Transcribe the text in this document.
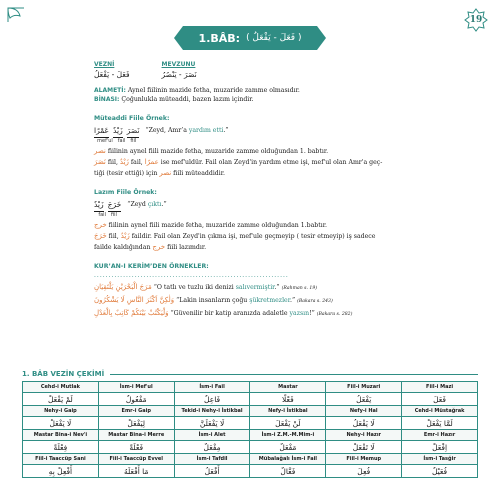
19
1.BÂB: ( فَعَلَ - يَفْعَلُ )
VEZNİ
فَعَلَ - يَفْعَلُ
MEVZUNU
نَصَرَ - يَنْصُرُ
ALAMETİ: Aynel fiilinin mazide fetha, muzaride zamme olmasıdır.
BİNASI: Çoğunlukla müteaddi, bazen lazım içindir.
Müteaddi Fiile Örnek:
نَصَرَ
زَيْدٌ
عَمْرًا
mef'ul fail fiil
“Zeyd, Amr’a yardım etti.”
نصر fiilinin aynel fiili mazide fetha, muzaride zamme olduğundan 1. babtır.
نَصَرَ fiil, زَيْدٌ fail, عمرًا ise mef'uldür. Fail olan Zeyd'in yardım etme işi, mef'ul olan Amr'a geç-
tiği (tesir ettiği) için نصر fiili müteaddidir.
Lazım Fiile Örnek:
خَرَجَ
زَيْدٌ
fail fiil
“Zeyd çıktı.”
خرج fiilinin aynel fiili mazide fetha, muzaride zamme olduğundan 1.babtır.
خَرَجَ fiil, زَيْدٌ faildir. Fail olan Zeyd'in çıkma işi, mef'ule geçmeyip ( tesir etmeyip) iş sadece
failde kaldığından خرج fiili lazımdır.
KUR’AN-I KERİM’DEN ÖRNEKLER:
...................................................................
مَرَجَ الْبَحْرَيْنِ يَلْتَقِيَانِ “O tatlı ve tuzlu iki denizi salıvermiştir.” (Rahman s. 19)
وَلٰكِنَّ اَكْثَرَ النَّاسِ لَا يَشْكُرُونَ “Lakin insanların çoğu şükretmezler.” (Bakara s. 243)
وَلْيَكْتُبْ بَيْنَكُمْ كَاتِبٌ بِالْعَدْلِ “Güvenilir bir katip aranızda adaletle yazsın!” (Bakara s. 282)
1. BÂB VEZİN ÇEKİMİ
Cehd-i Mutlak	İsm-i Mef'ul	İsm-i Fail	Mastar	Fiil-i Muzari	Fiil-i Mazi
لَمْ يَفْعَلْ	مَفْعُولٌ	فَاعِلٌ	فَعْلًا	يَفْعَلُ	فَعَلَ
Nehy-i Gaip	Emr-i Gaip	Tekid-i Nehy-i İstikbal	Nefy-i İstikbal	Nefy-i Hal	Cehd-i Müstağrak
لَا يَفْعَلْ	لِيَفْعَلْ	لَا يَفْعَلَنَّ	لَنْ يَفْعَلَ	لَا يَفْعَلُ	لَمَّا يَفْعَلْ
Mastar Bina-i Nev'i	Mastar Bina-i Merre	İsm-i Alet	İsm-i Z.M.-M.Mim-i	Nehy-i Hazır	Emr-i Hazır
فِعْلَةً	فَعْلَةً	مِفْعَلٌ	مَفْعَلٌ	لَا تَفْعَلْ	اِفْعَلْ
Fiil-i Taaccüp Sani	Fiil-i Taaccüp Evvel	İsm-i Tafdil	Mübalağalı İsm-i Fail	Fiil-i Memup	İsm-i Tasğir
أَفْعِلْ بِهِ	مَا أَفْعَلَهُ	أَفْعَلُ	فَعَّالٌ	فُعِلَ	فُعَيْلٌ
